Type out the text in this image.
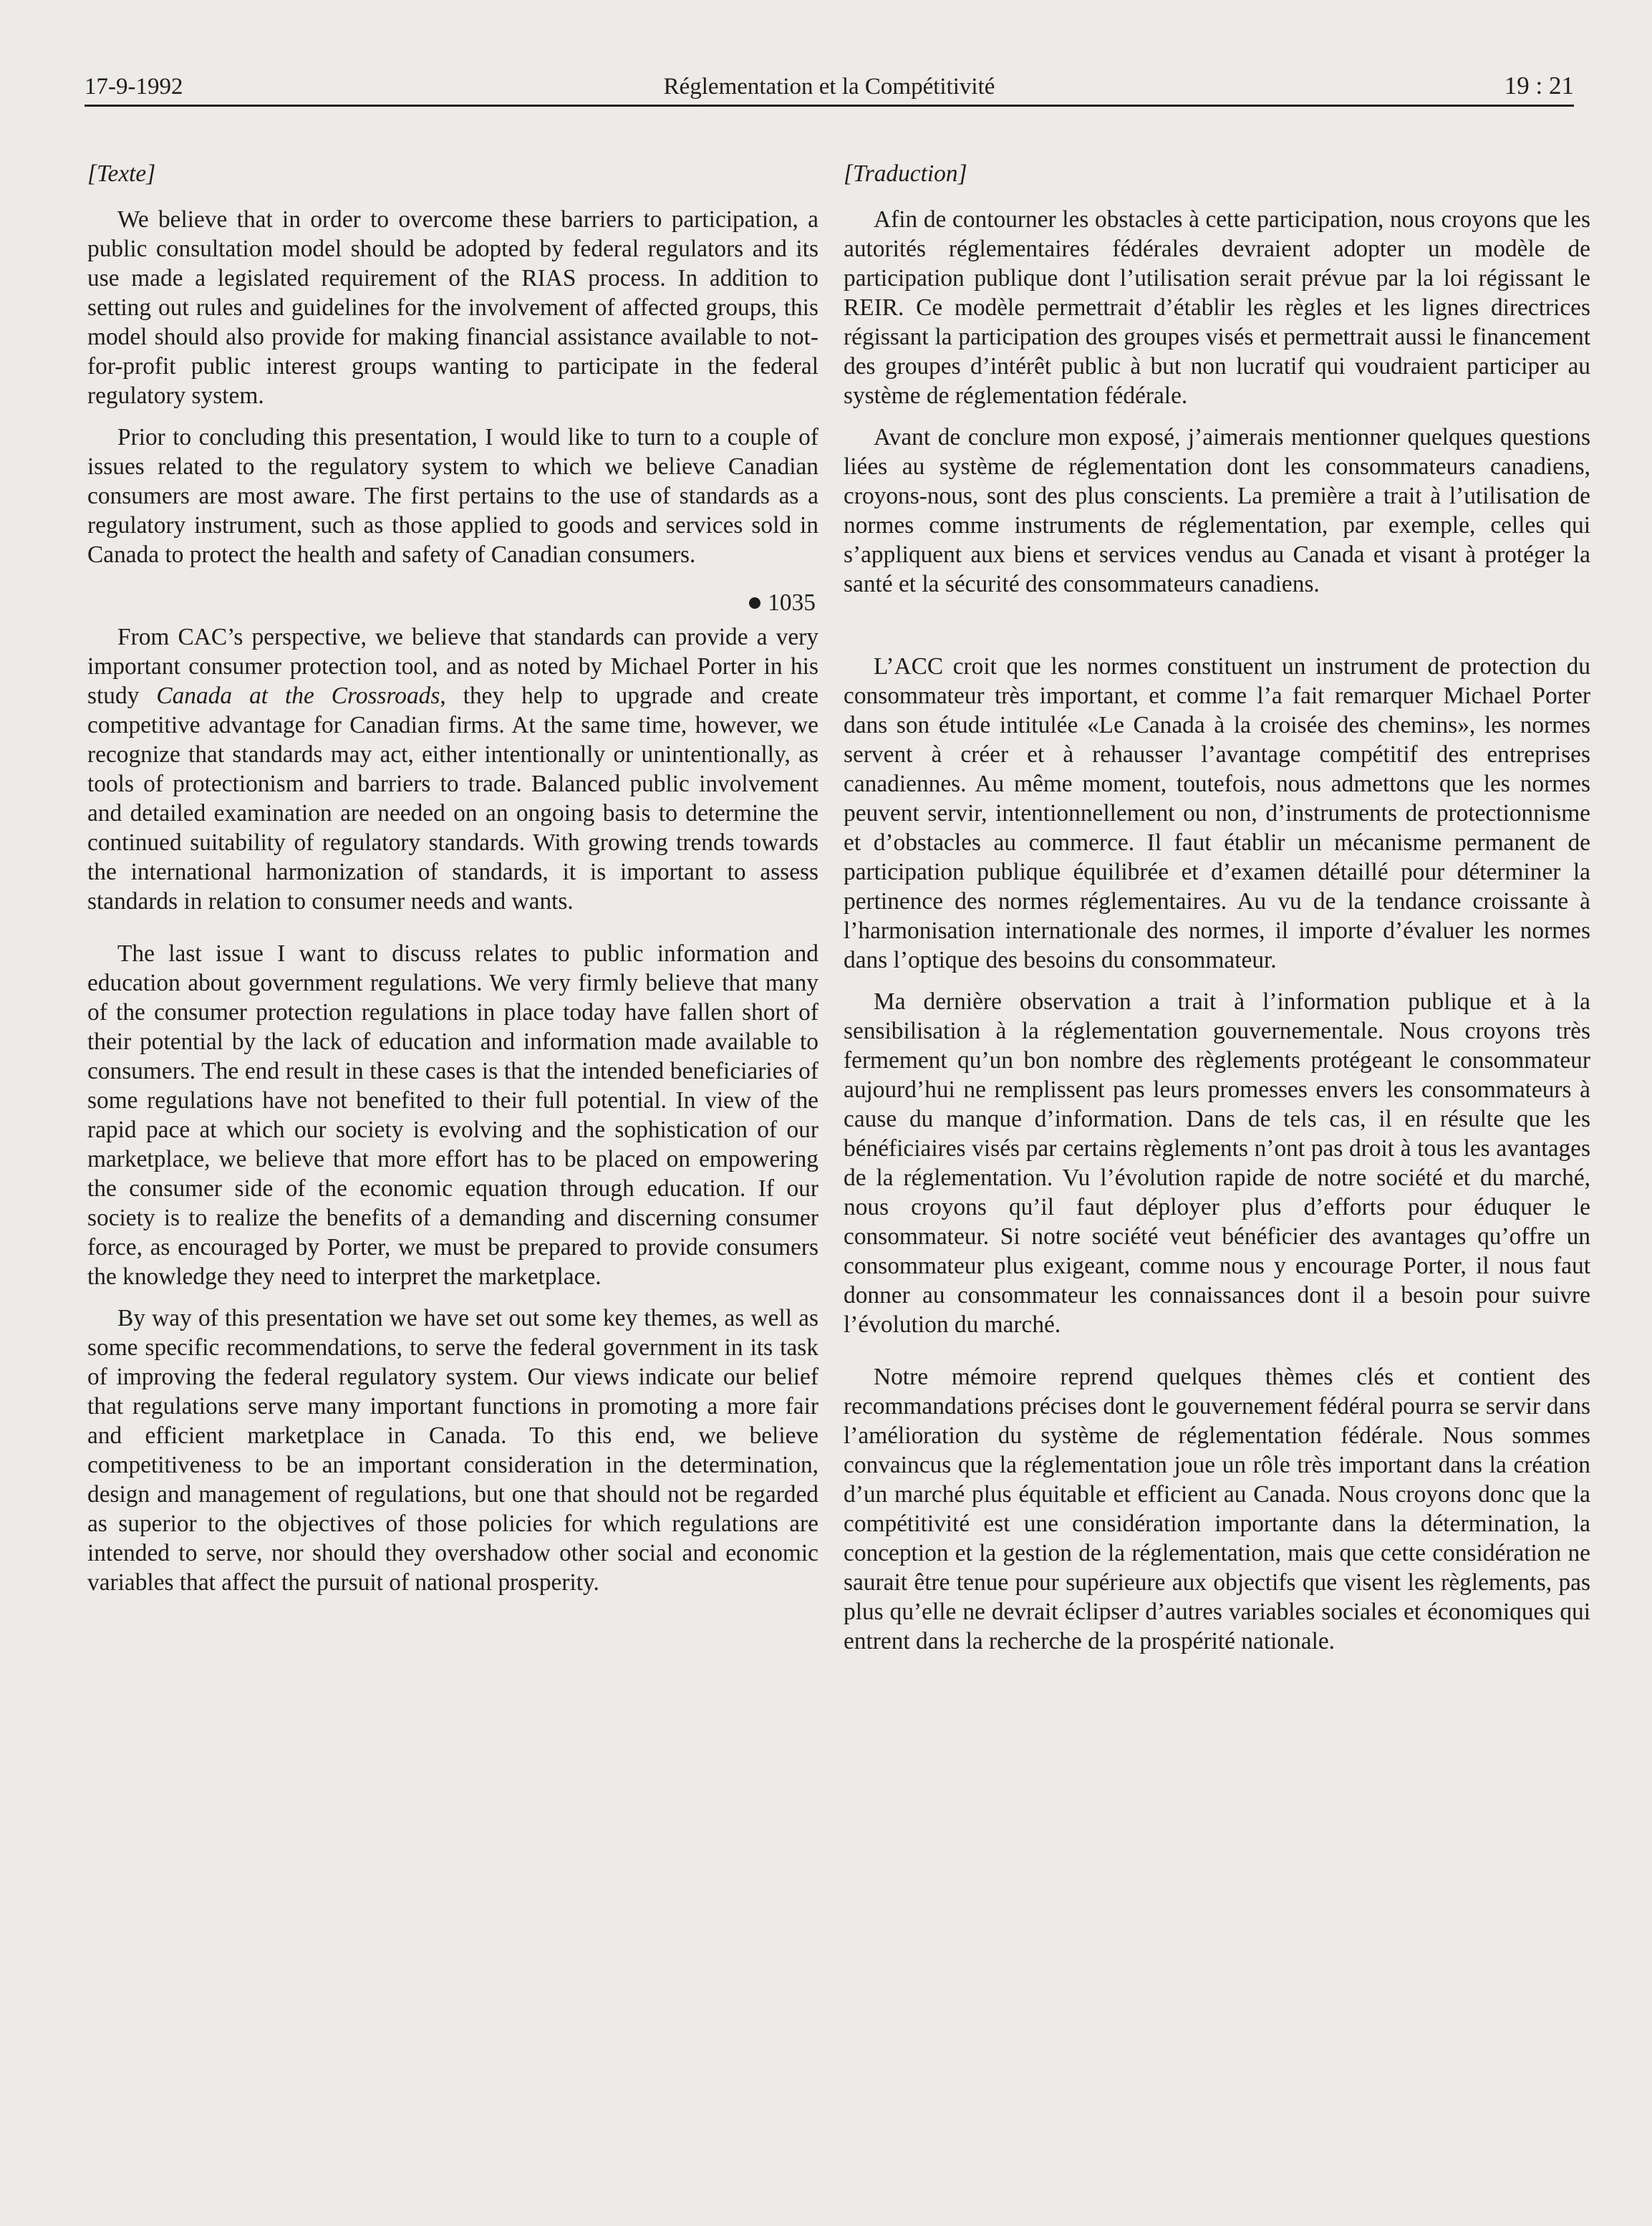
17-9-1992	Réglementation et la Compétitivité	19 : 21
[Texte]

We believe that in order to overcome these barriers to participation, a public consultation model should be adopted by federal regulators and its use made a legislated requirement of the RIAS process. In addition to setting out rules and guidelines for the involvement of affected groups, this model should also provide for making financial assistance available to not-for-profit public interest groups wanting to participate in the federal regulatory system.

Prior to concluding this presentation, I would like to turn to a couple of issues related to the regulatory system to which we believe Canadian consumers are most aware. The first pertains to the use of standards as a regulatory instrument, such as those applied to goods and services sold in Canada to protect the health and safety of Canadian consumers.

1035

From CAC’s perspective, we believe that standards can provide a very important consumer protection tool, and as noted by Michael Porter in his study Canada at the Crossroads, they help to upgrade and create competitive advantage for Canadian firms. At the same time, however, we recognize that standards may act, either intentionally or unintentionally, as tools of protectionism and barriers to trade. Balanced public involvement and detailed examination are needed on an ongoing basis to determine the continued suitability of regulatory standards. With growing trends towards the international harmonization of standards, it is important to assess standards in relation to consumer needs and wants.

The last issue I want to discuss relates to public information and education about government regulations. We very firmly believe that many of the consumer protection regulations in place today have fallen short of their potential by the lack of education and information made available to consumers. The end result in these cases is that the intended beneficiaries of some regulations have not benefited to their full potential. In view of the rapid pace at which our society is evolving and the sophistication of our marketplace, we believe that more effort has to be placed on empowering the consumer side of the economic equation through education. If our society is to realize the benefits of a demanding and discerning consumer force, as encouraged by Porter, we must be prepared to provide consumers the knowledge they need to interpret the marketplace.

By way of this presentation we have set out some key themes, as well as some specific recommendations, to serve the federal government in its task of improving the federal regulatory system. Our views indicate our belief that regulations serve many important functions in promoting a more fair and efficient marketplace in Canada. To this end, we believe competitiveness to be an important consideration in the determination, design and management of regulations, but one that should not be regarded as superior to the objectives of those policies for which regulations are intended to serve, nor should they overshadow other social and economic variables that affect the pursuit of national prosperity.

[Traduction]

Afin de contourner les obstacles à cette participation, nous croyons que les autorités réglementaires fédérales devraient adopter un modèle de participation publique dont l’utilisation serait prévue par la loi régissant le REIR. Ce modèle permettrait d’établir les règles et les lignes directrices régissant la participation des groupes visés et permettrait aussi le financement des groupes d’intérêt public à but non lucratif qui voudraient participer au système de réglementation fédérale.

Avant de conclure mon exposé, j’aimerais mentionner quelques questions liées au système de réglementation dont les consommateurs canadiens, croyons-nous, sont des plus conscients. La première a trait à l’utilisation de normes comme instruments de réglementation, par exemple, celles qui s’appliquent aux biens et services vendus au Canada et visant à protéger la santé et la sécurité des consommateurs canadiens.

L’ACC croit que les normes constituent un instrument de protection du consommateur très important, et comme l’a fait remarquer Michael Porter dans son étude intitulée «Le Canada à la croisée des chemins», les normes servent à créer et à rehausser l’avantage compétitif des entreprises canadiennes. Au même moment, toutefois, nous admettons que les normes peuvent servir, intentionnellement ou non, d’instruments de protectionnisme et d’obstacles au commerce. Il faut établir un mécanisme permanent de participation publique équilibrée et d’examen détaillé pour déterminer la pertinence des normes réglementaires. Au vu de la tendance croissante à l’harmonisation internationale des normes, il importe d’évaluer les normes dans l’optique des besoins du consommateur.

Ma dernière observation a trait à l’information publique et à la sensibilisation à la réglementation gouvernementale. Nous croyons très fermement qu’un bon nombre des règlements protégeant le consommateur aujourd’hui ne remplissent pas leurs promesses envers les consommateurs à cause du manque d’information. Dans de tels cas, il en résulte que les bénéficiaires visés par certains règlements n’ont pas droit à tous les avantages de la réglementation. Vu l’évolution rapide de notre société et du marché, nous croyons qu’il faut déployer plus d’efforts pour éduquer le consommateur. Si notre société veut bénéficier des avantages qu’offre un consommateur plus exigeant, comme nous y encourage Porter, il nous faut donner au consommateur les connaissances dont il a besoin pour suivre l’évolution du marché.

Notre mémoire reprend quelques thèmes clés et contient des recommandations précises dont le gouvernement fédéral pourra se servir dans l’amélioration du système de réglementation fédérale. Nous sommes convaincus que la réglementation joue un rôle très important dans la création d’un marché plus équitable et efficient au Canada. Nous croyons donc que la compétitivité est une considération importante dans la détermination, la conception et la gestion de la réglementation, mais que cette considération ne saurait être tenue pour supérieure aux objectifs que visent les règlements, pas plus qu’elle ne devrait éclipser d’autres variables sociales et économiques qui entrent dans la recherche de la prospérité nationale.
